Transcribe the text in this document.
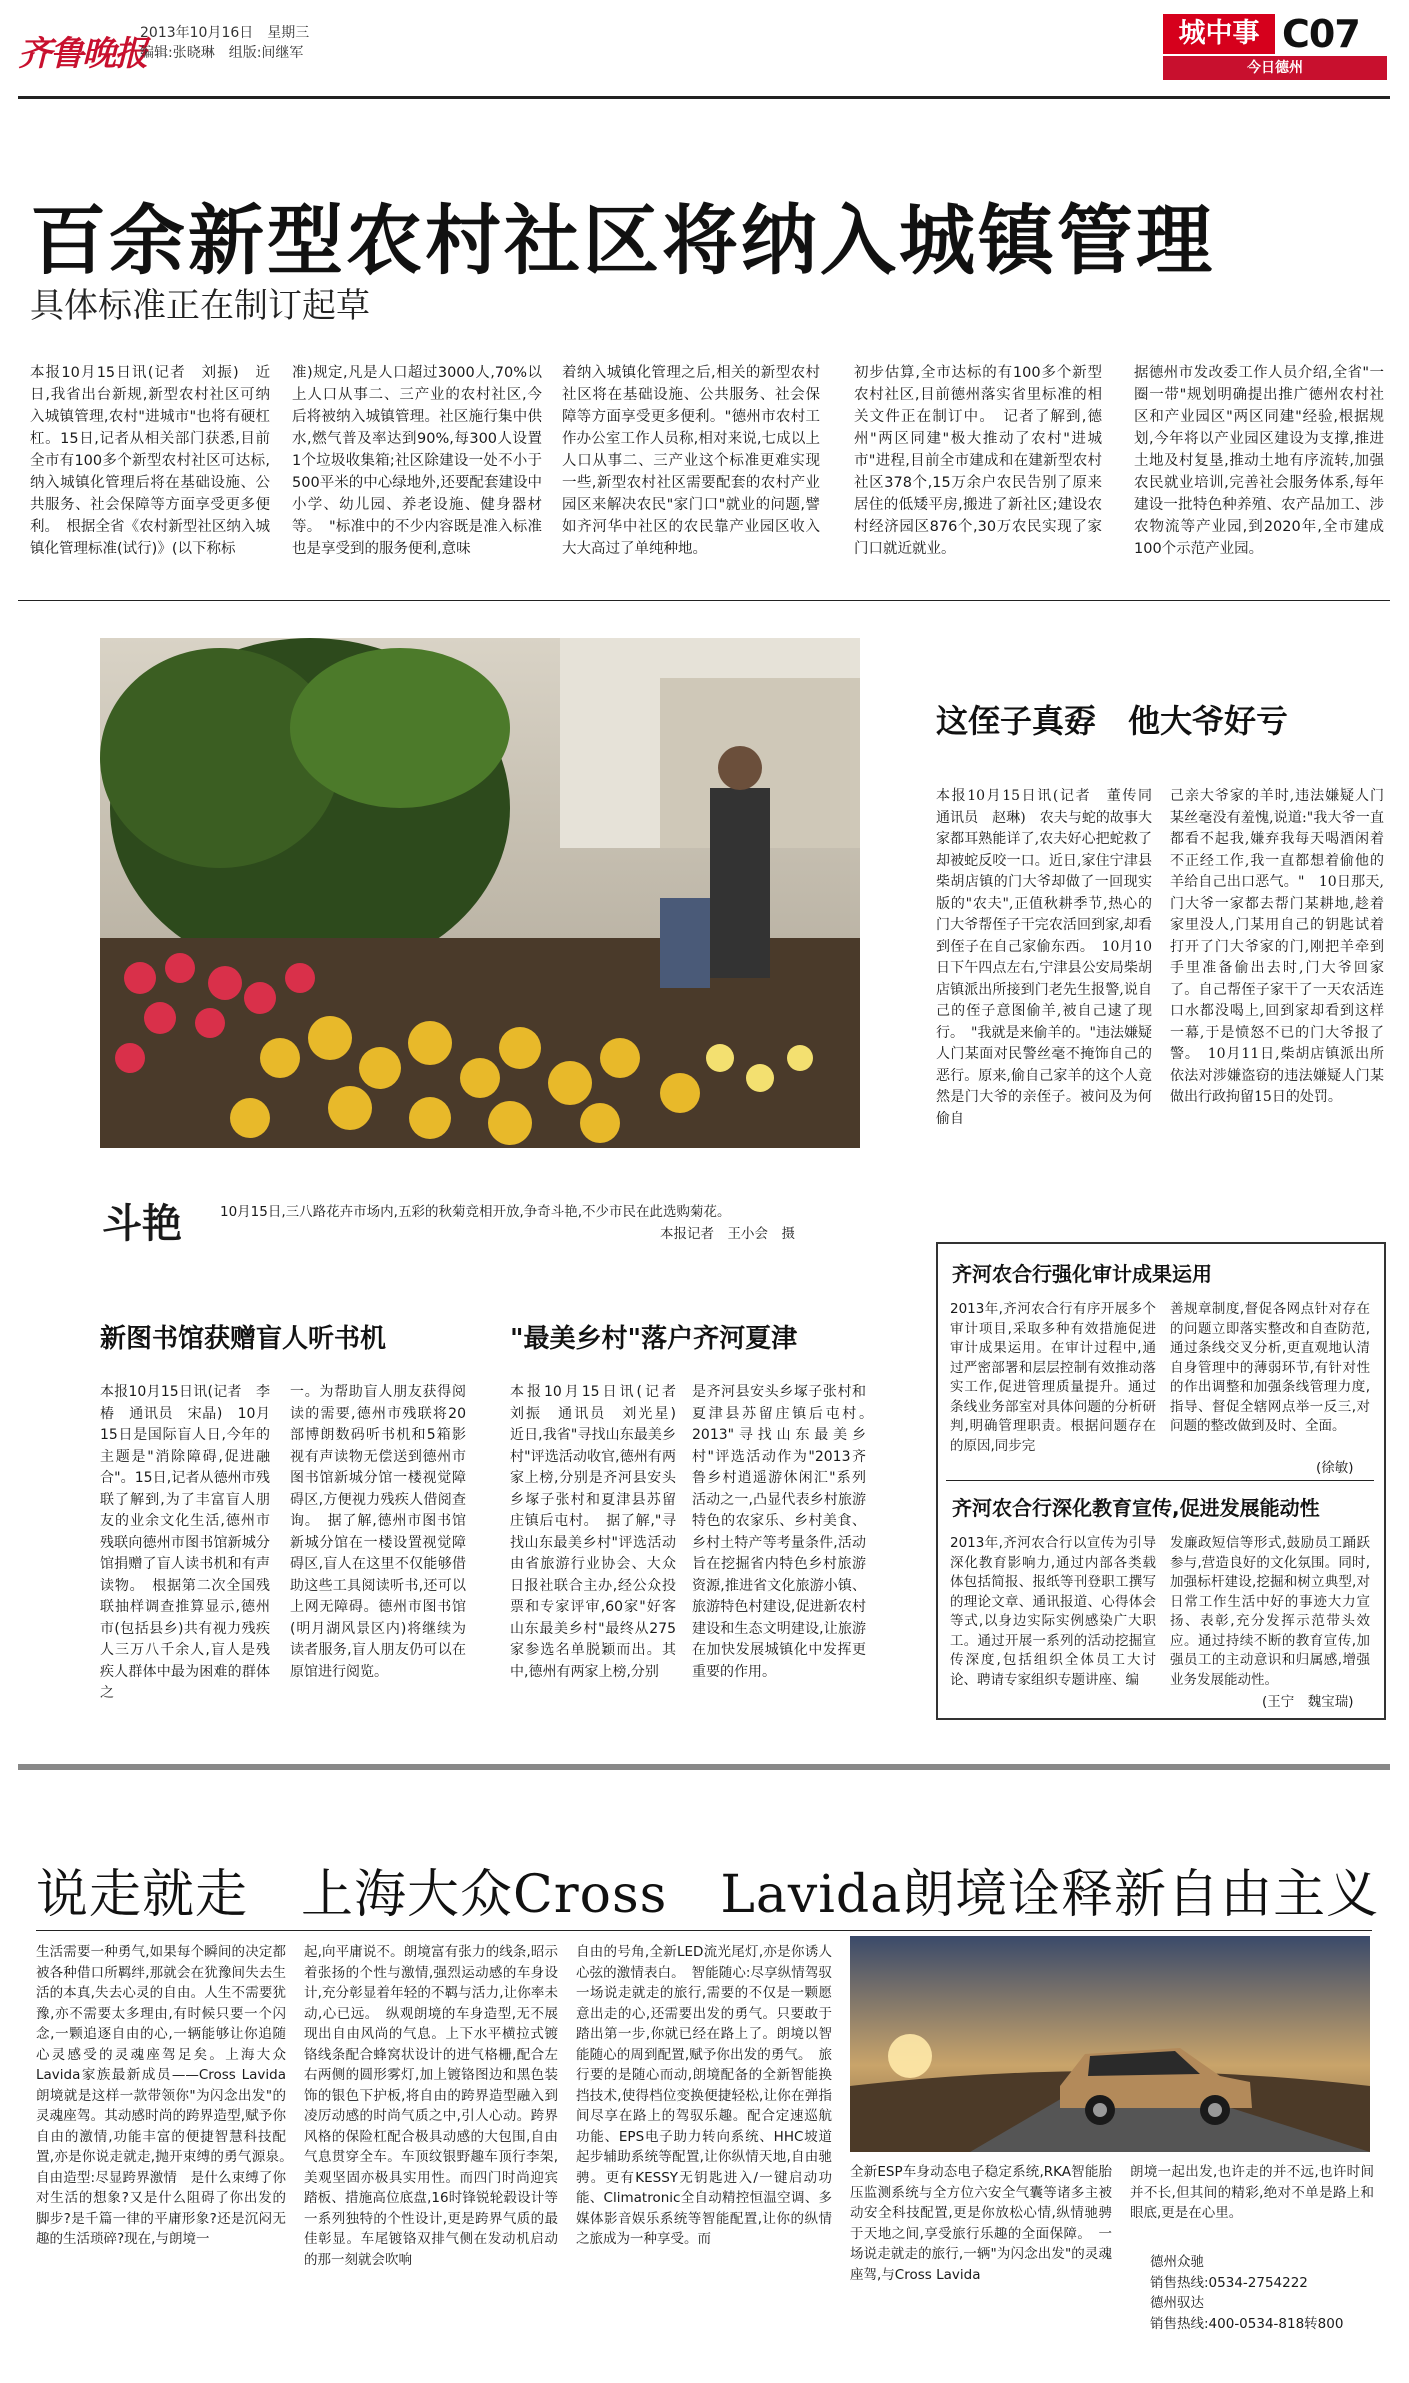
齐鲁晚报
2013年10月16日　星期三
编辑:张晓琳　组版:间继军
城中事 C07
今日德州
百余新型农村社区将纳入城镇管理
具体标准正在制订起草
本报10月15日讯(记者　刘振)　近日,我省出台新规,新型农村社区可纳入城镇管理,农村"进城市"也将有硬杠杠。15日,记者从相关部门获悉,目前全市有100多个新型农村社区可达标,纳入城镇化管理后将在基础设施、公共服务、社会保障等方面享受更多便利。　根据全省《农村新型社区纳入城镇化管理标准(试行)》(以下称标
准)规定,凡是人口超过3000人,70%以上人口从事二、三产业的农村社区,今后将被纳入城镇管理。社区施行集中供水,燃气普及率达到90%,每300人设置1个垃圾收集箱;社区除建设一处不小于500平米的中心绿地外,还要配套建设中小学、幼儿园、养老设施、健身器材等。　"标准中的不少内容既是准入标准也是享受到的服务便利,意味
着纳入城镇化管理之后,相关的新型农村社区将在基础设施、公共服务、社会保障等方面享受更多便利。"德州市农村工作办公室工作人员称,相对来说,七成以上人口从事二、三产业这个标准更难实现一些,新型农村社区需要配套的农村产业园区来解决农民"家门口"就业的问题,譬如齐河华中社区的农民靠产业园区收入大大高过了单纯种地。
初步估算,全市达标的有100多个新型农村社区,目前德州落实省里标准的相关文件正在制订中。　记者了解到,德州"两区同建"极大推动了农村"进城市"进程,目前全市建成和在建新型农村社区378个,15万余户农民告别了原来居住的低矮平房,搬进了新社区;建设农村经济园区876个,30万农民实现了家门口就近就业。
据德州市发改委工作人员介绍,全省"一圈一带"规划明确提出推广德州农村社区和产业园区"两区同建"经验,根据规划,今年将以产业园区建设为支撑,推进土地及村复垦,推动土地有序流转,加强农民就业培训,完善社会服务体系,每年建设一批特色种养殖、农产品加工、涉农物流等产业园,到2020年,全市建成100个示范产业园。
斗艳	10月15日,三八路花卉市场内,五彩的秋菊竞相开放,争奇斗艳,不少市民在此选购菊花。
本报记者　王小会　摄
这侄子真孬　他大爷好亏
本报10月15日讯(记者　董传同　通讯员　赵琳)　农夫与蛇的故事大家都耳熟能详了,农夫好心把蛇救了却被蛇反咬一口。近日,家住宁津县柴胡店镇的门大爷却做了一回现实版的"农夫",正值秋耕季节,热心的门大爷帮侄子干完农活回到家,却看到侄子在自己家偷东西。　10月10日下午四点左右,宁津县公安局柴胡店镇派出所接到门老先生报警,说自己的侄子意图偷羊,被自己逮了现行。　"我就是来偷羊的。"违法嫌疑人门某面对民警丝毫不掩饰自己的恶行。原来,偷自己家羊的这个人竟然是门大爷的亲侄子。被问及为何偷自
己亲大爷家的羊时,违法嫌疑人门某丝毫没有羞愧,说道:"我大爷一直都看不起我,嫌弃我每天喝酒闲着不正经工作,我一直都想着偷他的羊给自己出口恶气。"　10日那天,门大爷一家都去帮门某耕地,趁着家里没人,门某用自己的钥匙试着打开了门大爷家的门,刚把羊牵到手里准备偷出去时,门大爷回家了。自己帮侄子家干了一天农活连口水都没喝上,回到家却看到这样一幕,于是愤怒不已的门大爷报了警。　10月11日,柴胡店镇派出所依法对涉嫌盗窃的违法嫌疑人门某做出行政拘留15日的处罚。
齐河农合行强化审计成果运用
2013年,齐河农合行有序开展多个审计项目,采取多种有效措施促进审计成果运用。在审计过程中,通过严密部署和层层控制有效推动落实工作,促进管理质量提升。通过条线业务部室对具体问题的分析研判,明确管理职责。根据问题存在的原因,同步完
善规章制度,督促各网点针对存在的问题立即落实整改和自查防范,通过条线交叉分析,更直观地认清自身管理中的薄弱环节,有针对性的作出调整和加强条线管理力度,指导、督促全辖网点举一反三,对问题的整改做到及时、全面。
(徐敏)
齐河农合行深化教育宣传,促进发展能动性
2013年,齐河农合行以宣传为引导深化教育影响力,通过内部各类载体包括简报、报纸等刊登职工撰写的理论文章、通讯报道、心得体会等式,以身边实际实例感染广大职工。通过开展一系列的活动挖掘宣传深度,包括组织全体员工大讨论、聘请专家组织专题讲座、编
发廉政短信等形式,鼓励员工踊跃参与,营造良好的文化氛围。同时,加强标杆建设,挖掘和树立典型,对日常工作生活中好的事迹大力宣扬、表彰,充分发挥示范带头效应。通过持续不断的教育宣传,加强员工的主动意识和归属感,增强业务发展能动性。
(王宁　魏宝瑞)
新图书馆获赠盲人听书机
本报10月15日讯(记者　李椿　通讯员　宋晶)　10月15日是国际盲人日,今年的主题是"消除障碍,促进融合"。15日,记者从德州市残联了解到,为了丰富盲人朋友的业余文化生活,德州市残联向德州市图书馆新城分馆捐赠了盲人读书机和有声读物。　根据第二次全国残联抽样调查推算显示,德州市(包括县乡)共有视力残疾人三万八千余人,盲人是残疾人群体中最为困难的群体之
一。为帮助盲人朋友获得阅读的需要,德州市残联将20部博朗数码听书机和5箱影视有声读物无偿送到德州市图书馆新城分馆一楼视觉障碍区,方便视力残疾人借阅查询。　据了解,德州市图书馆新城分馆在一楼设置视觉障碍区,盲人在这里不仅能够借助这些工具阅读听书,还可以上网无障碍。德州市图书馆(明月湖风景区内)将继续为读者服务,盲人朋友仍可以在原馆进行阅览。
"最美乡村"落户齐河夏津
本报10月15日讯(记者　刘振　通讯员　刘光星)　近日,我省"寻找山东最美乡村"评选活动收官,德州有两家上榜,分别是齐河县安头乡塚子张村和夏津县苏留庄镇后屯村。　据了解,"寻找山东最美乡村"评选活动由省旅游行业协会、大众日报社联合主办,经公众投票和专家评审,60家"好客山东最美乡村"最终从275家参选名单脱颖而出。其中,德州有两家上榜,分别
是齐河县安头乡塚子张村和夏津县苏留庄镇后屯村。　2013"寻找山东最美乡村"评选活动作为"2013齐鲁乡村逍遥游休闲汇"系列活动之一,凸显代表乡村旅游特色的农家乐、乡村美食、乡村土特产等考量条件,活动旨在挖掘省内特色乡村旅游资源,推进省文化旅游小镇、旅游特色村建设,促进新农村建设和生态文明建设,让旅游在加快发展城镇化中发挥更重要的作用。
说走就走　上海大众Cross　Lavida朗境诠释新自由主义
生活需要一种勇气,如果每个瞬间的决定都被各种借口所羁绊,那就会在犹豫间失去生活的本真,失去心灵的自由。人生不需要犹豫,亦不需要太多理由,有时候只要一个闪念,一颗追逐自由的心,一辆能够让你追随心灵感受的灵魂座驾足矣。上海大众Lavida家族最新成员——Cross Lavida朗境就是这样一款带领你"为闪念出发"的灵魂座驾。其动感时尚的跨界造型,赋予你自由的激情,功能丰富的便捷智慧科技配置,亦是你说走就走,抛开束缚的勇气源泉。　自由造型:尽显跨界激情　是什么束缚了你对生活的想象?又是什么阻碍了你出发的脚步?是千篇一律的平庸形象?还是沉闷无趣的生活琐碎?现在,与朗境一
起,向平庸说不。朗境富有张力的线条,昭示着张扬的个性与激情,强烈运动感的车身设计,充分彰显着年轻的不羁与活力,让你率未动,心已远。　纵观朗境的车身造型,无不展现出自由风尚的气息。上下水平横拉式镀铬线条配合蜂窝状设计的进气格栅,配合左右两侧的圆形雾灯,加上镀铬图边和黑色装饰的银色下护板,将自由的跨界造型融入到凌厉动感的时尚气质之中,引人心动。跨界风格的保险杠配合极具动感的大包围,自由气息贯穿全车。车顶纹银野趣车顶行李架,美观坚固亦极具实用性。而四门时尚迎宾踏板、措施高位底盘,16时锋锐轮毂设计等一系列独特的个性设计,更是跨界气质的最佳彰显。车尾镀铬双排气侧在发动机启动的那一刻就会吹响
自由的号角,全新LED流光尾灯,亦是你诱人心弦的激情表白。　智能随心:尽享纵情驾驭　一场说走就走的旅行,需要的不仅是一颗愿意出走的心,还需要出发的勇气。只要敢于踏出第一步,你就已经在路上了。朗境以智能随心的周到配置,赋予你出发的勇气。　旅行要的是随心而动,朗境配备的全新智能换挡技术,使得档位变换便捷轻松,让你在弹指间尽享在路上的驾驭乐趣。配合定速巡航功能、EPS电子助力转向系统、HHC坡道起步辅助系统等配置,让你纵情天地,自由驰骋。更有KESSY无钥匙进入/一键启动功能、Climatronic全自动精控恒温空调、多媒体影音娱乐系统等智能配置,让你的纵情之旅成为一种享受。而
全新ESP车身动态电子稳定系统,RKA智能胎压监测系统与全方位六安全气囊等诸多主被动安全科技配置,更是你放松心情,纵情驰骋于天地之间,享受旅行乐趣的全面保障。　一场说走就走的旅行,一辆"为闪念出发"的灵魂座驾,与Cross Lavida
朗境一起出发,也许走的并不远,也许时间并不长,但其间的精彩,绝对不单是路上和眼底,更是在心里。
德州众驰
销售热线:0534-2754222
德州驭达
销售热线:400-0534-818转800
